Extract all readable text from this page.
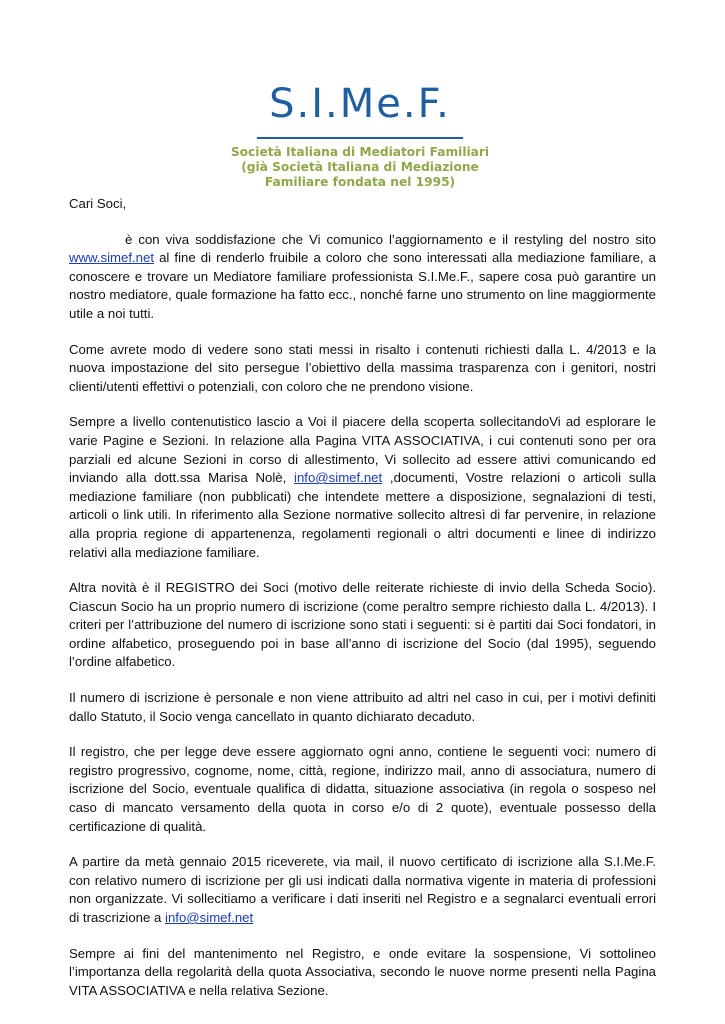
S.I.Me.F.
Società Italiana di Mediatori Familiari
(già Società Italiana di Mediazione
Familiare fondata nel 1995)

Cari Soci,

è con viva soddisfazione che Vi comunico l’aggiornamento e il restyling del nostro sito www.simef.net al fine di renderlo fruibile a coloro che sono interessati alla mediazione familiare, a conoscere e trovare un Mediatore familiare professionista S.I.Me.F., sapere cosa può garantire un nostro mediatore, quale formazione ha fatto ecc., nonché farne uno strumento on line maggiormente utile a noi tutti.

Come avrete modo di vedere sono stati messi in risalto i contenuti richiesti dalla L. 4/2013 e la nuova impostazione del sito persegue l’obiettivo della massima trasparenza con i genitori, nostri clienti/utenti effettivi o potenziali, con coloro che ne prendono visione.

Sempre a livello contenutistico lascio a Voi il piacere della scoperta sollecitandoVi ad esplorare le varie Pagine e Sezioni. In relazione alla Pagina VITA ASSOCIATIVA, i cui contenuti sono per ora parziali ed alcune Sezioni in corso di allestimento, Vi sollecito ad essere attivi comunicando ed inviando alla dott.ssa Marisa Nolè, info@simef.net ,documenti, Vostre relazioni o articoli sulla mediazione familiare (non pubblicati) che intendete mettere a disposizione, segnalazioni di testi, articoli o link utili. In riferimento alla Sezione normative sollecito altresì di far pervenire, in relazione alla propria regione di appartenenza, regolamenti regionali o altri documenti e linee di indirizzo relativi alla mediazione familiare.

Altra novità è il REGISTRO dei Soci (motivo delle reiterate richieste di invio della Scheda Socio). Ciascun Socio ha un proprio numero di iscrizione (come peraltro sempre richiesto dalla L. 4/2013). I criteri per l’attribuzione del numero di iscrizione sono stati i seguenti: si è partiti dai Soci fondatori, in ordine alfabetico, proseguendo poi in base all’anno di iscrizione del Socio (dal 1995), seguendo l’ordine alfabetico.

Il numero di iscrizione è personale e non viene attribuito ad altri nel caso in cui, per i motivi definiti dallo Statuto, il Socio venga cancellato in quanto dichiarato decaduto.

Il registro, che per legge deve essere aggiornato ogni anno, contiene le seguenti voci: numero di registro progressivo, cognome, nome, città, regione, indirizzo mail, anno di associatura, numero di iscrizione del Socio, eventuale qualifica di didatta, situazione associativa (in regola o sospeso nel caso di mancato versamento della quota in corso e/o di 2 quote), eventuale possesso della certificazione di qualità.

A partire da metà gennaio 2015 riceverete, via mail, il nuovo certificato di iscrizione alla S.I.Me.F. con relativo numero di iscrizione per gli usi indicati dalla normativa vigente in materia di professioni non organizzate. Vi sollecitiamo a verificare i dati inseriti nel Registro e a segnalarci eventuali errori di trascrizione a info@simef.net

Sempre ai fini del mantenimento nel Registro, e onde evitare la sospensione, Vi sottolineo l’importanza della regolarità della quota Associativa, secondo le nuove norme presenti nella Pagina VITA ASSOCIATIVA e nella relativa Sezione.
